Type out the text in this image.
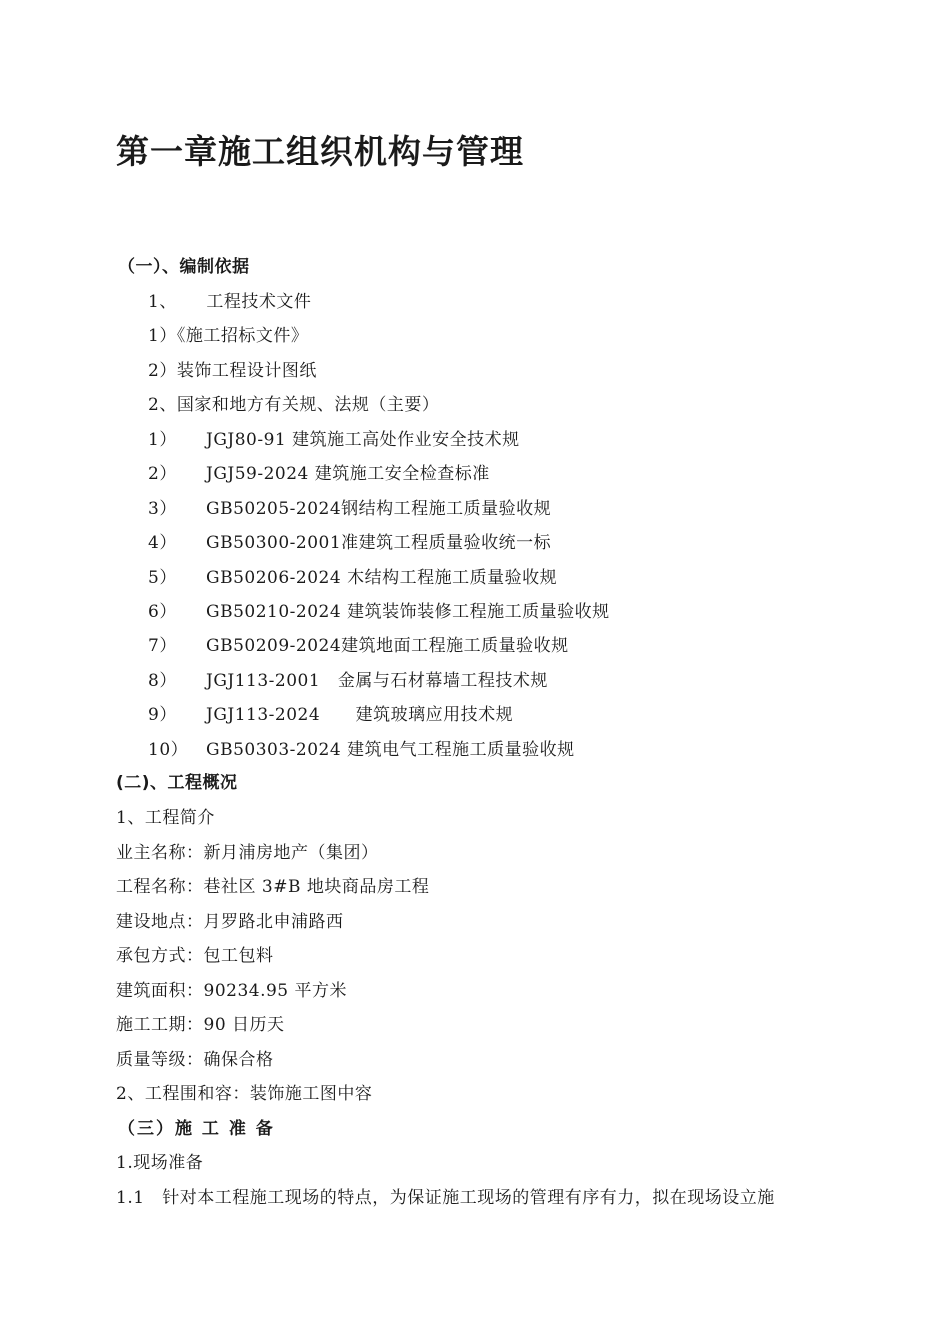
第一章施工组织机构与管理
（一）、编制依据
1、     工程技术文件
1）《施工招标文件》
2）装饰工程设计图纸
2、国家和地方有关规、法规（主要）
1） JGJ80-91 建筑施工高处作业安全技术规
2） JGJ59-2024 建筑施工安全检查标准
3） GB50205-2024钢结构工程施工质量验收规
4） GB50300-2001准建筑工程质量验收统一标
5） GB50206-2024 木结构工程施工质量验收规
6） GB50210-2024 建筑装饰装修工程施工质量验收规
7） GB50209-2024建筑地面工程施工质量验收规
8） JGJ113-2001   金属与石材幕墙工程技术规
9） JGJ113-2024      建筑玻璃应用技术规
10） GB50303-2024 建筑电气工程施工质量验收规
(二)、工程概况
1、工程简介
业主名称：新月浦房地产（集团）
工程名称：巷社区 3#B 地块商品房工程
建设地点：月罗路北申浦路西
承包方式：包工包料
建筑面积：90234.95 平方米
施工工期：90 日历天
质量等级：确保合格
2、工程围和容：装饰施工图中容
（三）施 工 准 备
1.现场准备
1.1   针对本工程施工现场的特点，为保证施工现场的管理有序有力，拟在现场设立施
